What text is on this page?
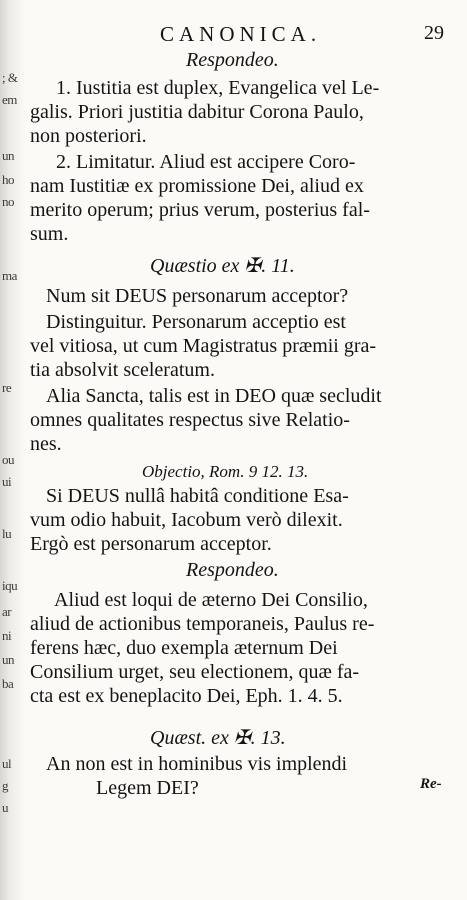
; &
em
un
ho
no
ma
re
ou
ui
lu
iqu
ar
ni
un
ba
ul
g
u
CANONICA.	29
Respondeo.
1. Iustitia est duplex, Evangelica vel Le-
galis. Priori justitia dabitur Corona Paulo,
non posteriori.
2. Limitatur. Aliud est accipere Coro-
nam Iustitiæ ex promissione Dei, aliud ex
merito operum; prius verum, posterius fal-
sum.
Quæstio ex ✠. 11.
Num sit DEUS personarum acceptor?
Distinguitur. Personarum acceptio est
vel vitiosa, ut cum Magistratus præmii gra-
tia absolvit sceleratum.
Alia Sancta, talis est in DEO quæ secludit
omnes qualitates respectus sive Relatio-
nes.
Objectio, Rom. 9 12. 13.
Si DEUS nullâ habitâ conditione Esa-
vum odio habuit, Iacobum verò dilexit.
Ergò est personarum acceptor.
Respondeo.
Aliud est loqui de æterno Dei Consilio,
aliud de actionibus temporaneis, Paulus re-
ferens hæc, duo exempla æternum Dei
Consilium urget, seu electionem, quæ fa-
cta est ex beneplacito Dei, Eph. 1. 4. 5.
Quæst. ex ✠. 13.
An non est in hominibus vis implendi
Legem DEI?	Re-
